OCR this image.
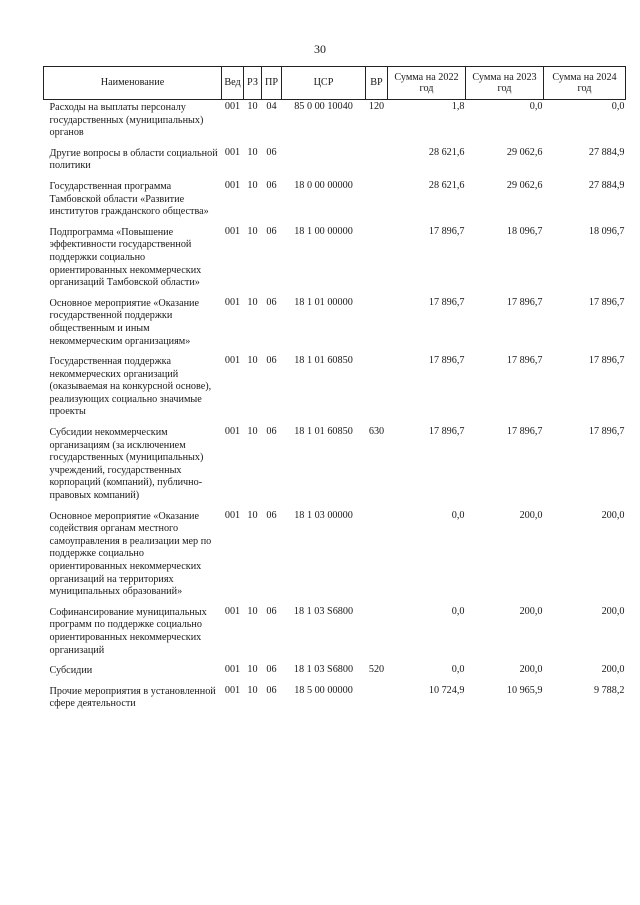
30
Наименование	Вед	РЗ	ПР	ЦСР	ВР	Сумма на 2022 год	Сумма на 2023 год	Сумма на 2024 год
Расходы на выплаты персоналу государственных (муниципальных) органов	001	10	04	85 0 00 10040	120	1,8	0,0	0,0
Другие вопросы в области социальной политики	001	10	06			28 621,6	29 062,6	27 884,9
Государственная программа Тамбовской области «Развитие институтов гражданского общества»	001	10	06	18 0 00 00000		28 621,6	29 062,6	27 884,9
Подпрограмма «Повышение эффективности государственной поддержки социально ориентированных некоммерческих организаций Тамбовской области»	001	10	06	18 1 00 00000		17 896,7	18 096,7	18 096,7
Основное мероприятие «Оказание государственной поддержки общественным и иным некоммерческим организациям»	001	10	06	18 1 01 00000		17 896,7	17 896,7	17 896,7
Государственная поддержка некоммерческих организаций (оказываемая на конкурсной основе), реализующих социально значимые проекты	001	10	06	18 1 01 60850		17 896,7	17 896,7	17 896,7
Субсидии некоммерческим организациям (за исключением государственных (муниципальных) учреждений, государственных корпораций (компаний), публично-правовых компаний)	001	10	06	18 1 01 60850	630	17 896,7	17 896,7	17 896,7
Основное мероприятие «Оказание содействия органам местного самоуправления в реализации мер по поддержке социально ориентированных некоммерческих организаций на территориях муниципальных образований»	001	10	06	18 1 03 00000		0,0	200,0	200,0
Софинансирование муниципальных программ по поддержке социально ориентированных некоммерческих организаций	001	10	06	18 1 03 S6800		0,0	200,0	200,0
Субсидии	001	10	06	18 1 03 S6800	520	0,0	200,0	200,0
Прочие мероприятия в установленной сфере деятельности	001	10	06	18 5 00 00000		10 724,9	10 965,9	9 788,2
